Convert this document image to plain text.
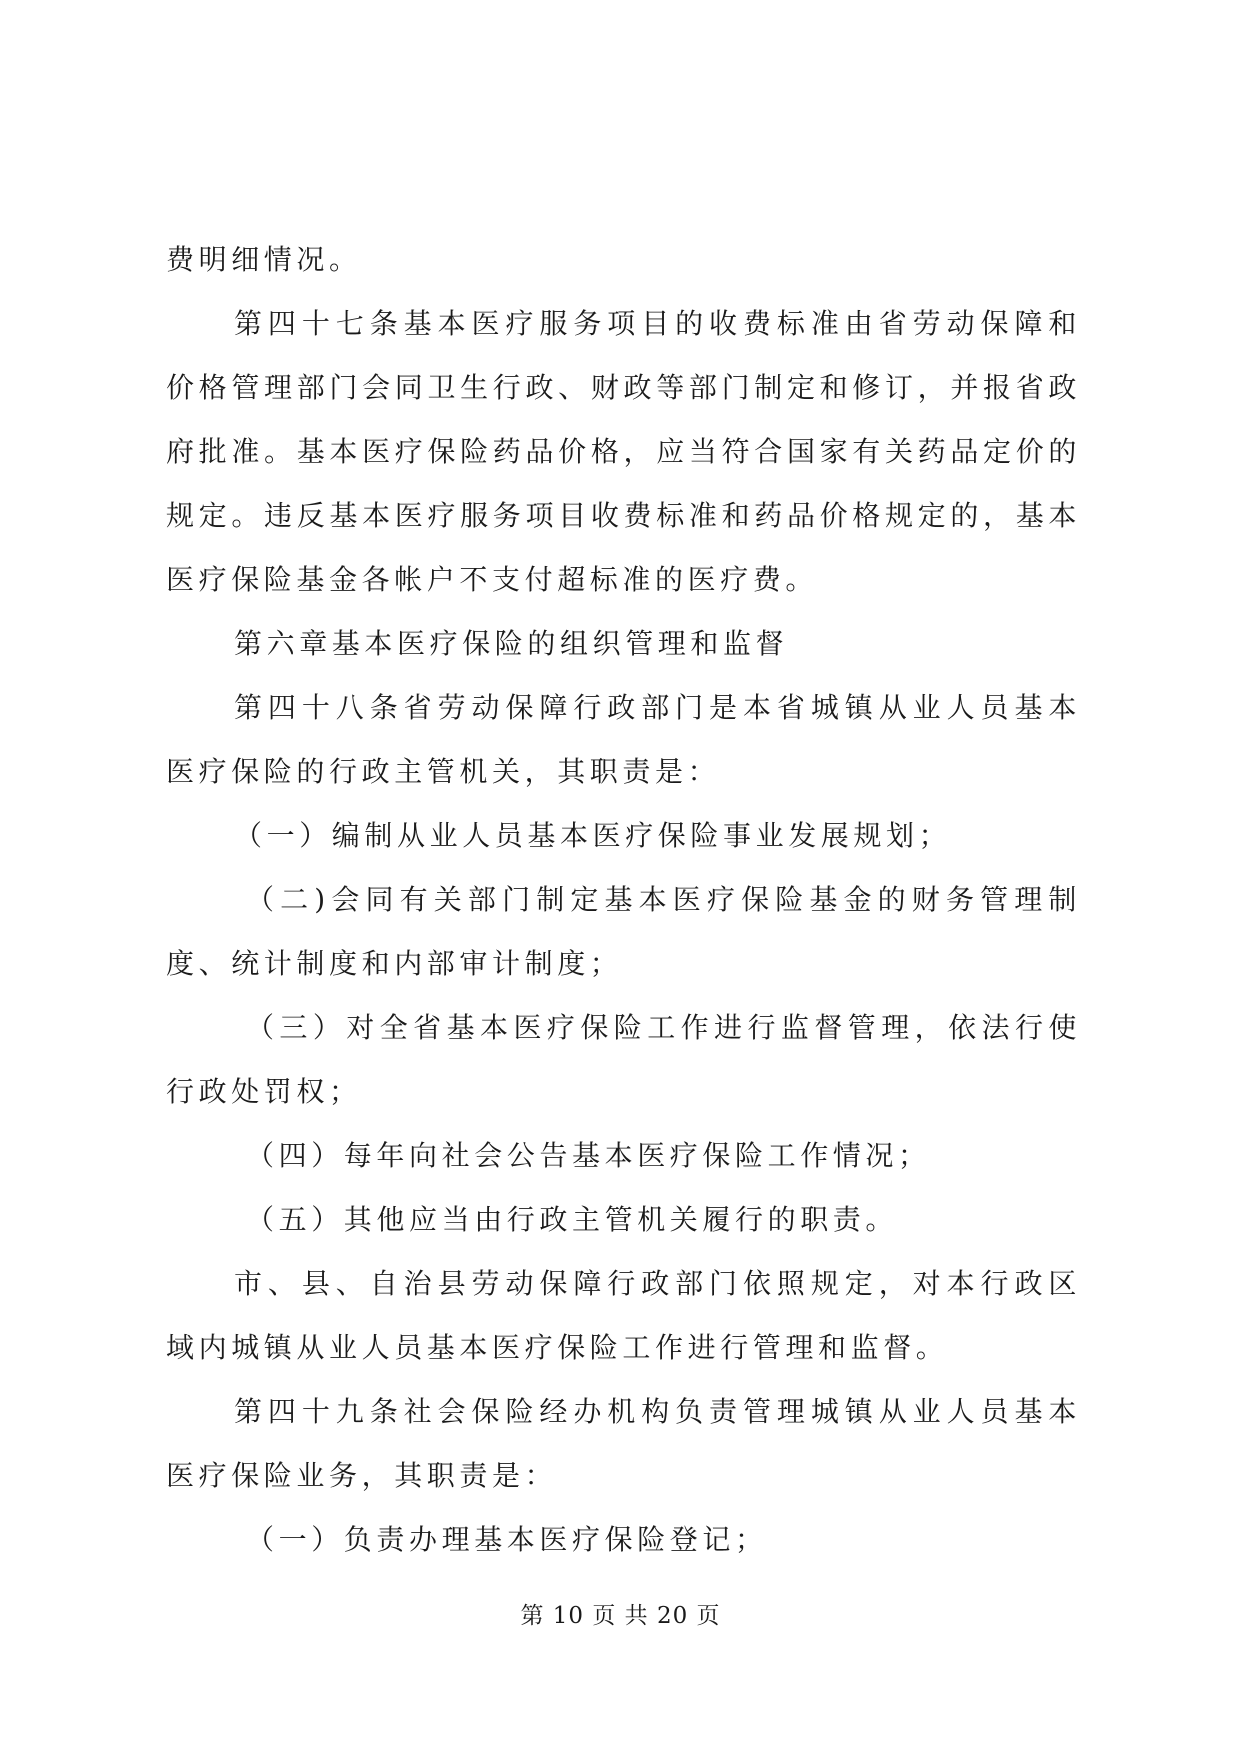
费明细情况。

第四十七条基本医疗服务项目的收费标准由省劳动保障和价格管理部门会同卫生行政、财政等部门制定和修订，并报省政府批准。基本医疗保险药品价格，应当符合国家有关药品定价的规定。违反基本医疗服务项目收费标准和药品价格规定的，基本医疗保险基金各帐户不支付超标准的医疗费。

第六章基本医疗保险的组织管理和监督

第四十八条省劳动保障行政部门是本省城镇从业人员基本医疗保险的行政主管机关，其职责是：

（一）编制从业人员基本医疗保险事业发展规划；

（二)会同有关部门制定基本医疗保险基金的财务管理制度、统计制度和内部审计制度；

（三）对全省基本医疗保险工作进行监督管理，依法行使行政处罚权；

（四）每年向社会公告基本医疗保险工作情况；

（五）其他应当由行政主管机关履行的职责。

市、县、自治县劳动保障行政部门依照规定，对本行政区域内城镇从业人员基本医疗保险工作进行管理和监督。

第四十九条社会保险经办机构负责管理城镇从业人员基本医疗保险业务，其职责是：

（一）负责办理基本医疗保险登记；

第 10 页 共 20 页
